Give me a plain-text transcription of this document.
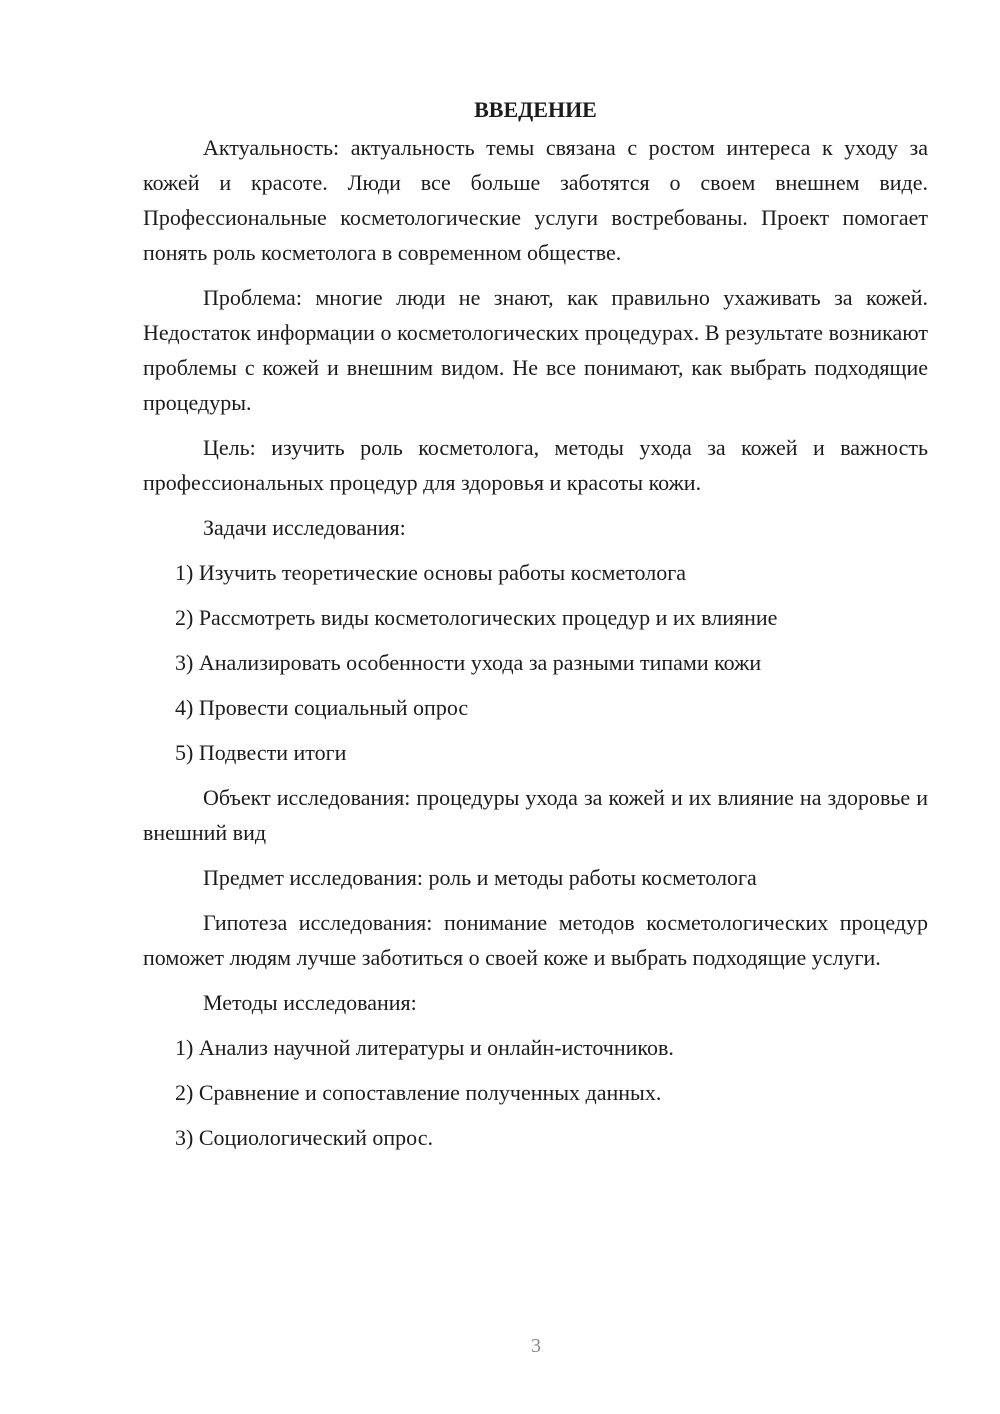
ВВЕДЕНИЕ

Актуальность: актуальность темы связана с ростом интереса к уходу за кожей и красоте. Люди все больше заботятся о своем внешнем виде. Профессиональные косметологические услуги востребованы. Проект помогает понять роль косметолога в современном обществе.

Проблема: многие люди не знают, как правильно ухаживать за кожей. Недостаток информации о косметологических процедурах. В результате возникают проблемы с кожей и внешним видом. Не все понимают, как выбрать подходящие процедуры.

Цель: изучить роль косметолога, методы ухода за кожей и важность профессиональных процедур для здоровья и красоты кожи.

Задачи исследования:

1) Изучить теоретические основы работы косметолога

2) Рассмотреть виды косметологических процедур и их влияние

3) Анализировать особенности ухода за разными типами кожи

4) Провести социальный опрос

5) Подвести итоги

Объект исследования: процедуры ухода за кожей и их влияние на здоровье и внешний вид

Предмет исследования: роль и методы работы косметолога

Гипотеза исследования: понимание методов косметологических процедур поможет людям лучше заботиться о своей коже и выбрать подходящие услуги.

Методы исследования:

1) Анализ научной литературы и онлайн-источников.

2) Сравнение и сопоставление полученных данных.

3) Социологический опрос.

3
